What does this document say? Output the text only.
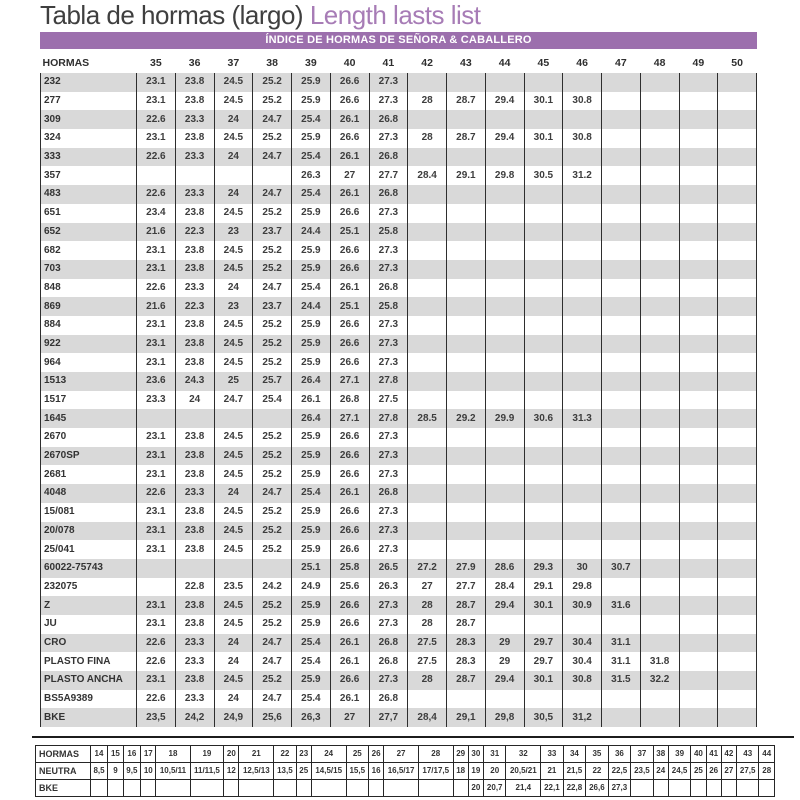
Tabla de hormas (largo) Length lasts list
ÍNDICE DE HORMAS DE SEÑORA & CABALLERO
HORMAS	35	36	37	38	39	40	41	42	43	44	45	46	47	48	49	50
232	23.1	23.8	24.5	25.2	25.9	26.6	27.3									
277	23.1	23.8	24.5	25.2	25.9	26.6	27.3	28	28.7	29.4	30.1	30.8				
309	22.6	23.3	24	24.7	25.4	26.1	26.8									
324	23.1	23.8	24.5	25.2	25.9	26.6	27.3	28	28.7	29.4	30.1	30.8				
333	22.6	23.3	24	24.7	25.4	26.1	26.8									
357					26.3	27	27.7	28.4	29.1	29.8	30.5	31.2				
483	22.6	23.3	24	24.7	25.4	26.1	26.8									
651	23.4	23.8	24.5	25.2	25.9	26.6	27.3									
652	21.6	22.3	23	23.7	24.4	25.1	25.8									
682	23.1	23.8	24.5	25.2	25.9	26.6	27.3									
703	23.1	23.8	24.5	25.2	25.9	26.6	27.3									
848	22.6	23.3	24	24.7	25.4	26.1	26.8									
869	21.6	22.3	23	23.7	24.4	25.1	25.8									
884	23.1	23.8	24.5	25.2	25.9	26.6	27.3									
922	23.1	23.8	24.5	25.2	25.9	26.6	27.3									
964	23.1	23.8	24.5	25.2	25.9	26.6	27.3									
1513	23.6	24.3	25	25.7	26.4	27.1	27.8									
1517	23.3	24	24.7	25.4	26.1	26.8	27.5									
1645					26.4	27.1	27.8	28.5	29.2	29.9	30.6	31.3				
2670	23.1	23.8	24.5	25.2	25.9	26.6	27.3									
2670SP	23.1	23.8	24.5	25.2	25.9	26.6	27.3									
2681	23.1	23.8	24.5	25.2	25.9	26.6	27.3									
4048	22.6	23.3	24	24.7	25.4	26.1	26.8									
15/081	23.1	23.8	24.5	25.2	25.9	26.6	27.3									
20/078	23.1	23.8	24.5	25.2	25.9	26.6	27.3									
25/041	23.1	23.8	24.5	25.2	25.9	26.6	27.3									
60022-75743					25.1	25.8	26.5	27.2	27.9	28.6	29.3	30	30.7			
232075		22.8	23.5	24.2	24.9	25.6	26.3	27	27.7	28.4	29.1	29.8				
Z	23.1	23.8	24.5	25.2	25.9	26.6	27.3	28	28.7	29.4	30.1	30.9	31.6			
JU	23.1	23.8	24.5	25.2	25.9	26.6	27.3	28	28.7							
CRO	22.6	23.3	24	24.7	25.4	26.1	26.8	27.5	28.3	29	29.7	30.4	31.1			
PLASTO FINA	22.6	23.3	24	24.7	25.4	26.1	26.8	27.5	28.3	29	29.7	30.4	31.1	31.8		
PLASTO ANCHA	23.1	23.8	24.5	25.2	25.9	26.6	27.3	28	28.7	29.4	30.1	30.8	31.5	32.2		
BS5A9389	22.6	23.3	24	24.7	25.4	26.1	26.8									
BKE	23,5	24,2	24,9	25,6	26,3	27	27,7	28,4	29,1	29,8	30,5	31,2				
HORMAS	14	15	16	17	18	19	20	21	22	23	24	25	26	27	28	29	30	31	32	33	34	35	36	37	38	39	40	41	42	43	44
NEUTRA	8,5	9	9,5	10	10,5/11	11/11,5	12	12,5/13	13,5	25	14,5/15	15,5	16	16,5/17	17/17,5	18	19	20	20,5/21	21	21,5	22	22,5	23,5	24	24,5	25	26	27	27,5	28
BKE																	20	20,7	21,4	22,1	22,8	26,6	27,3								
